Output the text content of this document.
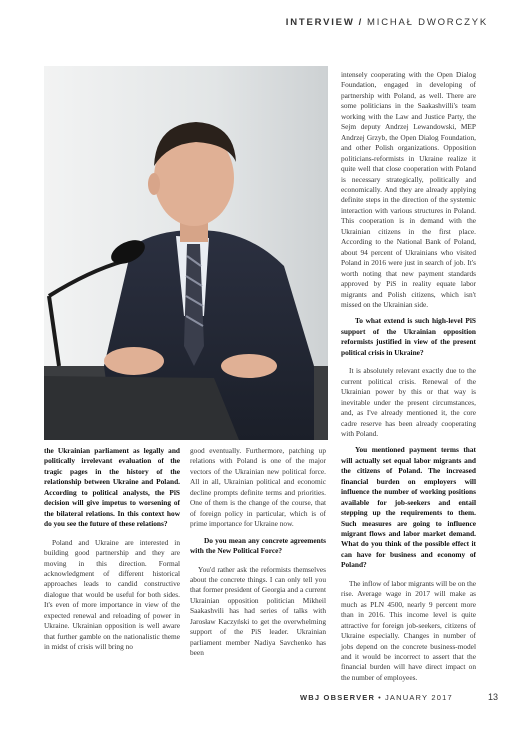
INTERVIEW / MICHAŁ DWORCZYK

the Ukrainian parliament as legally and politically irrelevant evaluation of the tragic pages in the history of the relationship between Ukraine and Poland. According to political analysts, the PiS decision will give impetus to worsening of the bilateral relations. In this context how do you see the future of these relations?

Poland and Ukraine are interested in building good partnership and they are moving in this direction. Formal acknowledgment of different historical approaches leads to candid constructive dialogue that would be useful for both sides. It's even of more importance in view of the expected renewal and reloading of power in Ukraine. Ukrainian opposition is well aware that further gamble on the nationalistic theme in midst of crisis will bring no

good eventually. Furthermore, patching up relations with Poland is one of the major vectors of the Ukrainian new political force. All in all, Ukrainian political and economic decline prompts definite terms and priorities. One of them is the change of the course, that of foreign policy in particular, which is of prime importance for Ukraine now.

Do you mean any concrete agreements with the New Political Force?

You'd rather ask the reformists themselves about the concrete things. I can only tell you that former president of Georgia and a current Ukrainian opposition politician Mikheil Saakashvili has had series of talks with Jarosław Kaczyński to get the overwhelming support of the PiS leader. Ukrainian parliament member Nadiya Savchenko has been

intensely cooperating with the Open Dialog Foundation, engaged in developing of partnership with Poland, as well. There are some politicians in the Saakashvilli's team working with the Law and Justice Party, the Sejm deputy Andrzej Lewandowski, MEP Andrzej Grzyb, the Open Dialog Foundation, and other Polish organizations. Opposition politicians-reformists in Ukraine realize it quite well that close cooperation with Poland is necessary strategically, politically and economically. And they are already applying definite steps in the direction of the systemic interaction with various structures in Poland. This cooperation is in demand with the Ukrainian citizens in the first place. According to the National Bank of Poland, about 94 percent of Ukrainians who visited Poland in 2016 were just in search of job. It's worth noting that new payment standards approved by PiS in reality equate labor migrants and Polish citizens, which isn't missed on the Ukrainian side.

To what extend is such high-level PiS support of the Ukrainian opposition reformists justified in view of the present political crisis in Ukraine?

It is absolutely relevant exactly due to the current political crisis. Renewal of the Ukrainian power by this or that way is inevitable under the present circumstances, and, as I've already mentioned it, the core cadre reserve has been already cooperating with Poland.

You mentioned payment terms that will actually set equal labor migrants and the citizens of Poland. The increased financial burden on employers will influence the number of working positions available for job-seekers and entail stepping up the requirements to them. Such measures are going to influence migrant flows and labor market demand. What do you think of the possible effect it can have for business and economy of Poland?

The inflow of labor migrants will be on the rise. Average wage in 2017 will make as much as PLN 4500, nearly 9 percent more than in 2016. This income level is quite attractive for foreign job-seekers, citizens of Ukraine especially. Changes in number of jobs depend on the concrete business-model and it would be incorrect to assert that the financial burden will have direct impact on the number of employees.

WBJ OBSERVER • JANUARY 2017	13
